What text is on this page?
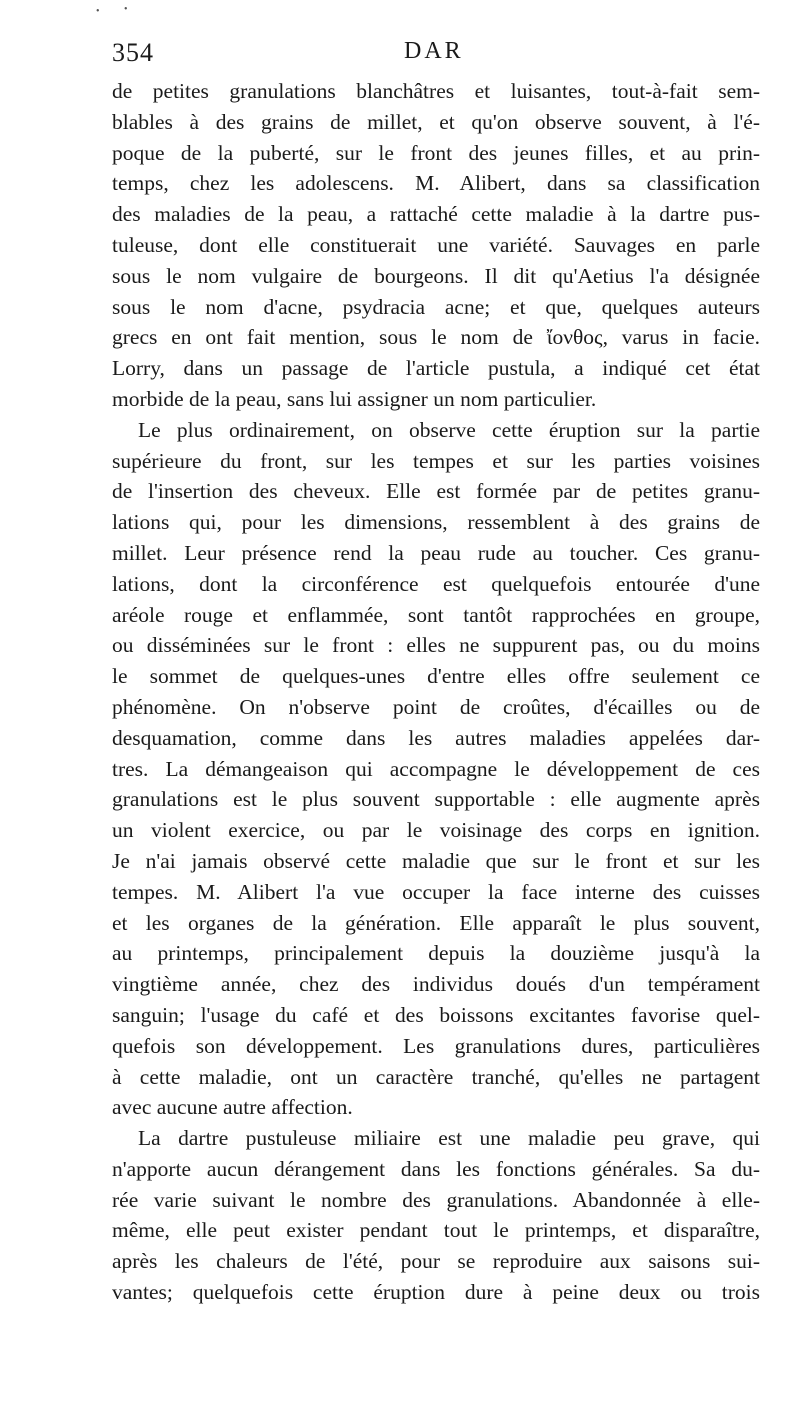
• •
354	DAR
de petites granulations blanchâtres et luisantes, tout-à-fait sem-
blables à des grains de millet, et qu'on observe souvent, à l'é-
poque de la puberté, sur le front des jeunes filles, et au prin-
temps, chez les adolescens. M. Alibert, dans sa classification
des maladies de la peau, a rattaché cette maladie à la dartre pus-
tuleuse, dont elle constituerait une variété. Sauvages en parle
sous le nom vulgaire de bourgeons. Il dit qu'Aetius l'a désignée
sous le nom d'acne, psydracia acne; et que, quelques auteurs
grecs en ont fait mention, sous le nom de ἴονθος, varus in facie.
Lorry, dans un passage de l'article pustula, a indiqué cet état
morbide de la peau, sans lui assigner un nom particulier.
Le plus ordinairement, on observe cette éruption sur la partie
supérieure du front, sur les tempes et sur les parties voisines
de l'insertion des cheveux. Elle est formée par de petites granu-
lations qui, pour les dimensions, ressemblent à des grains de
millet. Leur présence rend la peau rude au toucher. Ces granu-
lations, dont la circonférence est quelquefois entourée d'une
aréole rouge et enflammée, sont tantôt rapprochées en groupe,
ou disséminées sur le front : elles ne suppurent pas, ou du moins
le sommet de quelques-unes d'entre elles offre seulement ce
phénomène. On n'observe point de croûtes, d'écailles ou de
desquamation, comme dans les autres maladies appelées dar-
tres. La démangeaison qui accompagne le développement de ces
granulations est le plus souvent supportable : elle augmente après
un violent exercice, ou par le voisinage des corps en ignition.
Je n'ai jamais observé cette maladie que sur le front et sur les
tempes. M. Alibert l'a vue occuper la face interne des cuisses
et les organes de la génération. Elle apparaît le plus souvent,
au printemps, principalement depuis la douzième jusqu'à la
vingtième année, chez des individus doués d'un tempérament
sanguin; l'usage du café et des boissons excitantes favorise quel-
quefois son développement. Les granulations dures, particulières
à cette maladie, ont un caractère tranché, qu'elles ne partagent
avec aucune autre affection.
La dartre pustuleuse miliaire est une maladie peu grave, qui
n'apporte aucun dérangement dans les fonctions générales. Sa du-
rée varie suivant le nombre des granulations. Abandonnée à elle-
même, elle peut exister pendant tout le printemps, et disparaître,
après les chaleurs de l'été, pour se reproduire aux saisons sui-
vantes; quelquefois cette éruption dure à peine deux ou trois
